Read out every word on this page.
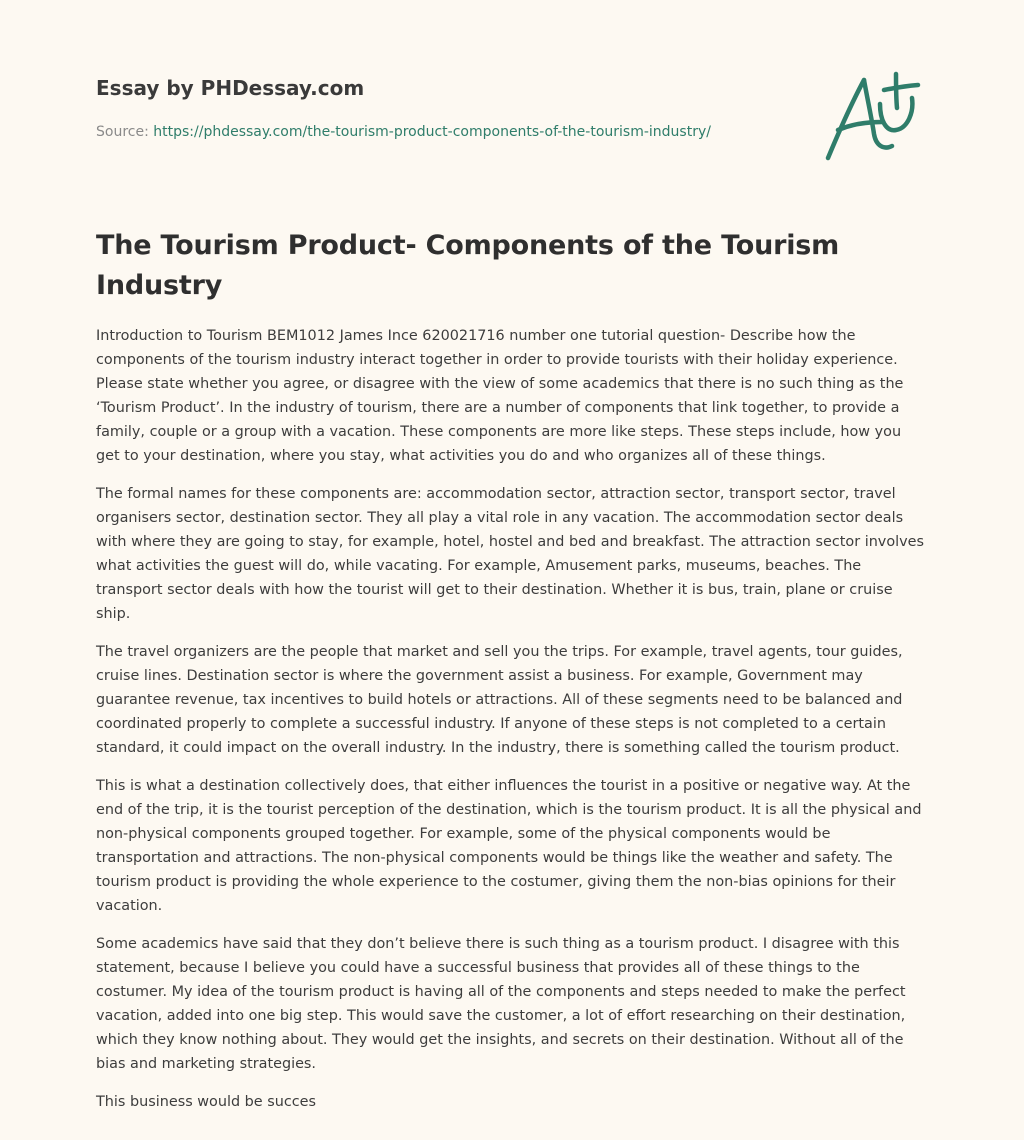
Essay by PHDessay.com
Source: https://phdessay.com/the-tourism-product-components-of-the-tourism-industry/
The Tourism Product- Components of the Tourism Industry

Introduction to Tourism BEM1012 James Ince 620021716 number one tutorial question- Describe how the components of the tourism industry interact together in order to provide tourists with their holiday experience. Please state whether you agree, or disagree with the view of some academics that there is no such thing as the ‘Tourism Product’. In the industry of tourism, there are a number of components that link together, to provide a family, couple or a group with a vacation. These components are more like steps. These steps include, how you get to your destination, where you stay, what activities you do and who organizes all of these things.

The formal names for these components are: accommodation sector, attraction sector, transport sector, travel organisers sector, destination sector. They all play a vital role in any vacation. The accommodation sector deals with where they are going to stay, for example, hotel, hostel and bed and breakfast. The attraction sector involves what activities the guest will do, while vacating. For example, Amusement parks, museums, beaches. The transport sector deals with how the tourist will get to their destination. Whether it is bus, train, plane or cruise ship.

The travel organizers are the people that market and sell you the trips. For example, travel agents, tour guides, cruise lines. Destination sector is where the government assist a business. For example, Government may guarantee revenue, tax incentives to build hotels or attractions. All of these segments need to be balanced and coordinated properly to complete a successful industry. If anyone of these steps is not completed to a certain standard, it could impact on the overall industry. In the industry, there is something called the tourism product.

This is what a destination collectively does, that either influences the tourist in a positive or negative way. At the end of the trip, it is the tourist perception of the destination, which is the tourism product. It is all the physical and non-physical components grouped together. For example, some of the physical components would be transportation and attractions. The non-physical components would be things like the weather and safety. The tourism product is providing the whole experience to the costumer, giving them the non-bias opinions for their vacation.

Some academics have said that they don’t believe there is such thing as a tourism product. I disagree with this statement, because I believe you could have a successful business that provides all of these things to the costumer. My idea of the tourism product is having all of the components and steps needed to make the perfect vacation, added into one big step. This would save the customer, a lot of effort researching on their destination, which they know nothing about. They would get the insights, and secrets on their destination. Without all of the bias and marketing strategies.

This business would be succes
